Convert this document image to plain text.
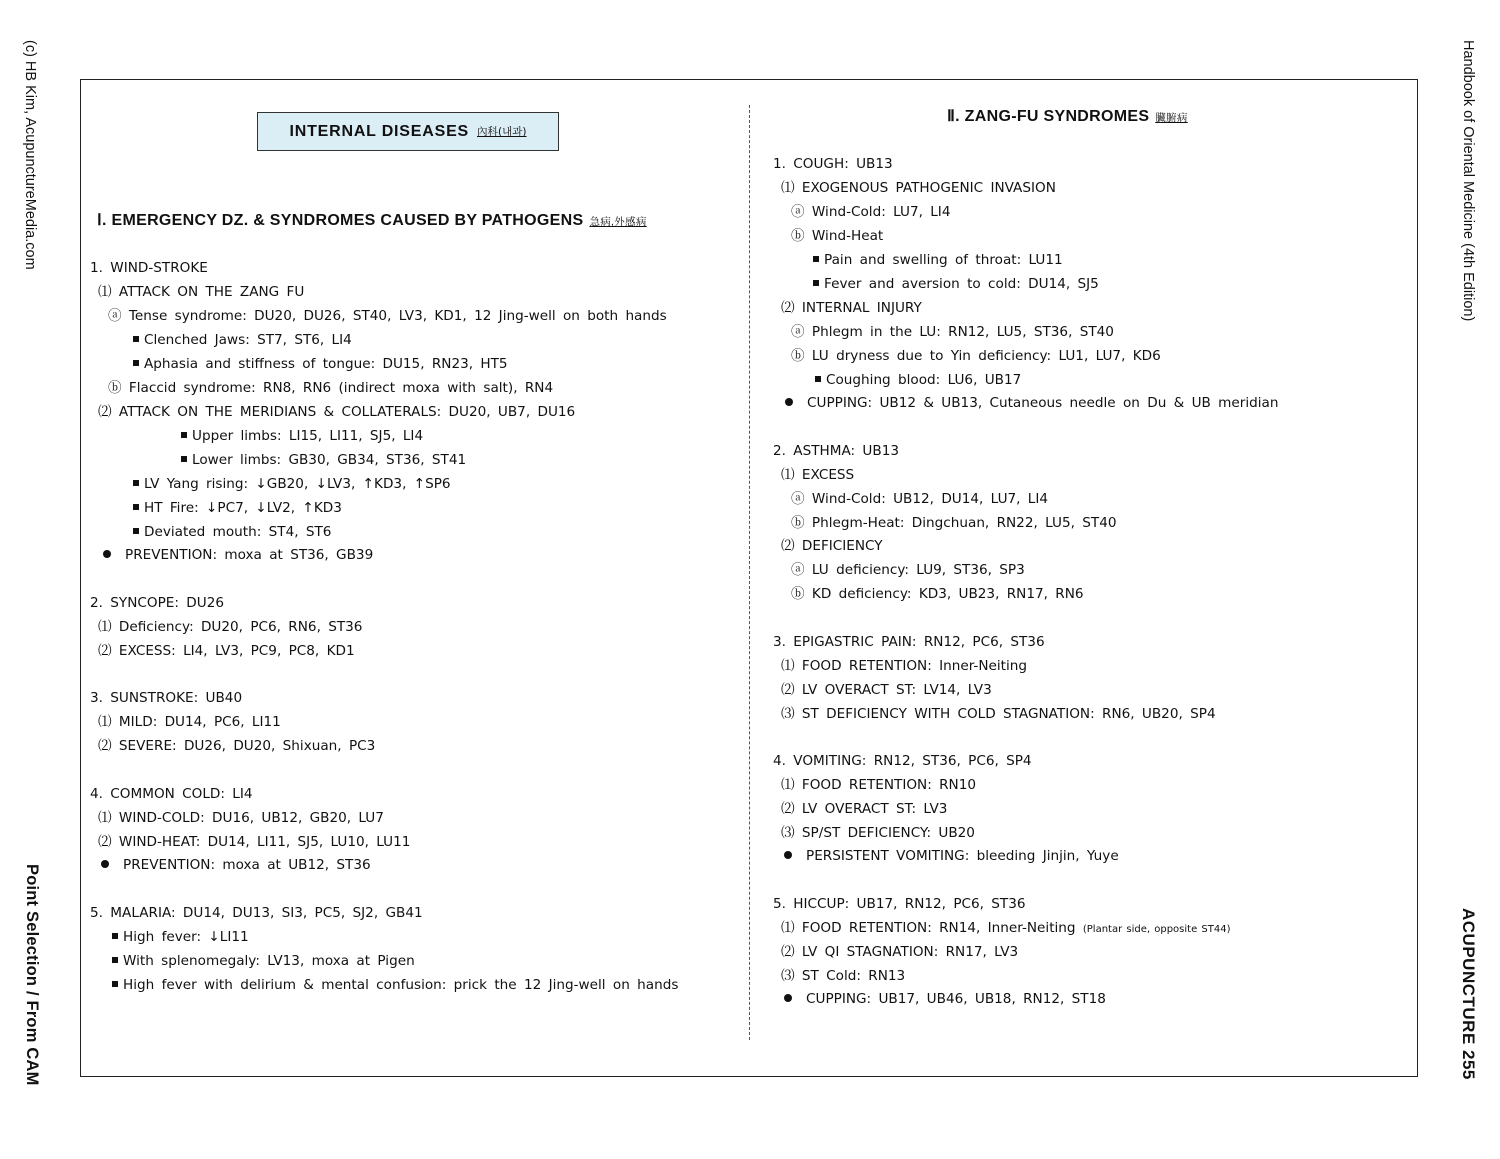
(c) HB Kim, AcupunctureMedia.com
Point Selection / From CAM
Handbook of Oriental Medicine (4th Edition)
ACUPUNCTURE 255
INTERNAL DISEASES 內科(내과)
Ⅰ. EMERGENCY DZ. & SYNDROMES CAUSED BY PATHOGENS 急病,外感病
Ⅱ. ZANG-FU SYNDROMES 臟腑病
1. WIND-STROKE
⑴ ATTACK ON THE ZANG FU
ⓐ Tense syndrome: DU20, DU26, ST40, LV3, KD1, 12 Jing-well on both hands
Clenched Jaws: ST7, ST6, LI4
Aphasia and stiffness of tongue: DU15, RN23, HT5
ⓑ Flaccid syndrome: RN8, RN6 (indirect moxa with salt), RN4
⑵ ATTACK ON THE MERIDIANS & COLLATERALS: DU20, UB7, DU16
Upper limbs: LI15, LI11, SJ5, LI4
Lower limbs: GB30, GB34, ST36, ST41
LV Yang rising: ↓GB20, ↓LV3, ↑KD3, ↑SP6
HT Fire: ↓PC7, ↓LV2, ↑KD3
Deviated mouth: ST4, ST6
PREVENTION: moxa at ST36, GB39
2. SYNCOPE: DU26
⑴ Deficiency: DU20, PC6, RN6, ST36
⑵ EXCESS: LI4, LV3, PC9, PC8, KD1
3. SUNSTROKE: UB40
⑴ MILD: DU14, PC6, LI11
⑵ SEVERE: DU26, DU20, Shixuan, PC3
4. COMMON COLD: LI4
⑴ WIND-COLD: DU16, UB12, GB20, LU7
⑵ WIND-HEAT: DU14, LI11, SJ5, LU10, LU11
PREVENTION: moxa at UB12, ST36
5. MALARIA: DU14, DU13, SI3, PC5, SJ2, GB41
High fever: ↓LI11
With splenomegaly: LV13, moxa at Pigen
High fever with delirium & mental confusion: prick the 12 Jing-well on hands
1. COUGH: UB13
⑴ EXOGENOUS PATHOGENIC INVASION
ⓐ Wind-Cold: LU7, LI4
ⓑ Wind-Heat
Pain and swelling of throat: LU11
Fever and aversion to cold: DU14, SJ5
⑵ INTERNAL INJURY
ⓐ Phlegm in the LU: RN12, LU5, ST36, ST40
ⓑ LU dryness due to Yin deficiency: LU1, LU7, KD6
Coughing blood: LU6, UB17
CUPPING: UB12 & UB13, Cutaneous needle on Du & UB meridian
2. ASTHMA: UB13
⑴ EXCESS
ⓐ Wind-Cold: UB12, DU14, LU7, LI4
ⓑ Phlegm-Heat: Dingchuan, RN22, LU5, ST40
⑵ DEFICIENCY
ⓐ LU deficiency: LU9, ST36, SP3
ⓑ KD deficiency: KD3, UB23, RN17, RN6
3. EPIGASTRIC PAIN: RN12, PC6, ST36
⑴ FOOD RETENTION: Inner-Neiting
⑵ LV OVERACT ST: LV14, LV3
⑶ ST DEFICIENCY WITH COLD STAGNATION: RN6, UB20, SP4
4. VOMITING: RN12, ST36, PC6, SP4
⑴ FOOD RETENTION: RN10
⑵ LV OVERACT ST: LV3
⑶ SP/ST DEFICIENCY: UB20
PERSISTENT VOMITING: bleeding Jinjin, Yuye
5. HICCUP: UB17, RN12, PC6, ST36
⑴ FOOD RETENTION: RN14, Inner-Neiting (Plantar side, opposite ST44)
⑵ LV QI STAGNATION: RN17, LV3
⑶ ST Cold: RN13
CUPPING: UB17, UB46, UB18, RN12, ST18
